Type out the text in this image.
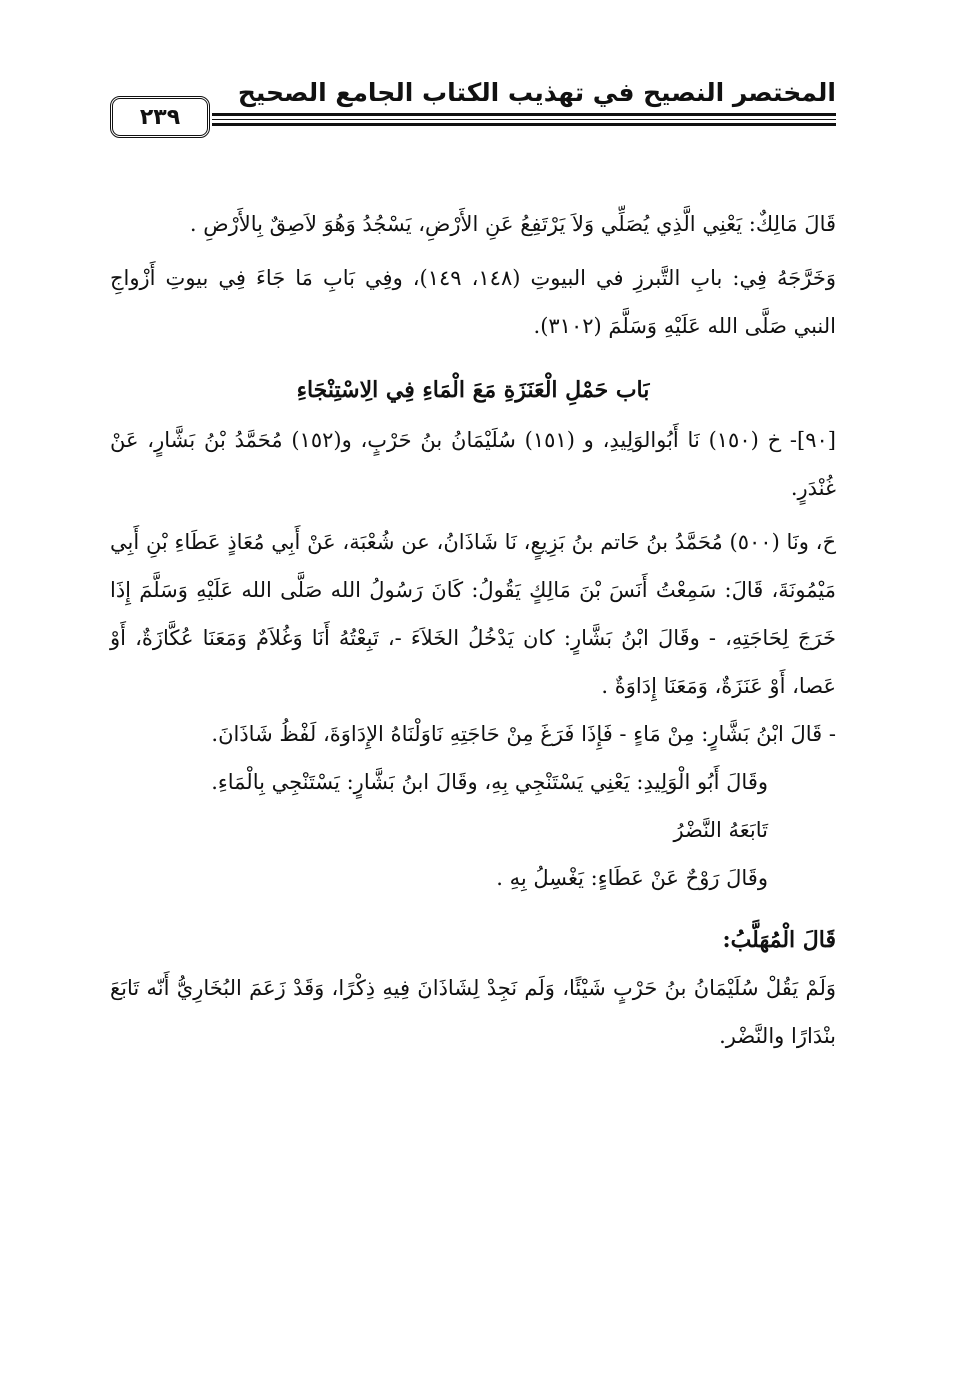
المختصر النصيح في تهذيب الكتاب الجامع الصحيح
٢٣٩

قَالَ مَالِكٌ: يَعْنِي الَّذِي يُصَلِّي وَلاَ يَرْتَفِعُ عَنِ الأَرْضِ، يَسْجُدُ وَهُوَ لاَصِقٌ بِالأَرْضِ .

وَخَرَّجَهُ فِي: بابِ التَّبرزِ في البيوتِ (١٤٨، ١٤٩)، وفِي بَابِ مَا جَاءَ فِي بيوتِ أَزْواجِ النبي صَلَّى الله عَلَيْهِ وَسَلَّمَ (٣١٠٢).

بَاب حَمْلِ الْعَنَزَةِ مَعَ الْمَاءِ فِي الِاسْتِنْجَاءِ

[٩٠]- خ (١٥٠) نَا أَبُوالوَلِيدِ، و (١٥١) سُلَيْمَانُ بنُ حَرْبٍ، و(١٥٢) مُحَمَّدُ بْنُ بَشَّارٍ، عَنْ غُنْدَرٍ.

حَ، ونَا (٥٠٠) مُحَمَّدُ بنُ حَاتم بنُ بَزِيعٍ، نَا شَاذَانُ، عن شُعْبَة، عَنْ أَبِي مُعَاذٍ عَطَاءِ بْنِ أَبِي مَيْمُونَةَ، قَالَ: سَمِعْتُ أَنَسَ بْنَ مَالِكٍ يَقُولُ: كَانَ رَسُولُ الله صَلَّى الله عَلَيْهِ وَسَلَّمَ إِذَا خَرَجَ لِحَاجَتِهِ، - وقَالَ ابْنُ بَشَّارٍ: كان يَدْخُلُ الخَلاَءَ -، تَبِعْتُهُ أَنَا وَغُلاَمٌ وَمَعَنَا عُكَّازَةٌ، أَوْ عَصا، أَوْ عَنَزَةٌ، وَمَعَنَا إِدَاوَةٌ .

- قَالَ ابْنُ بَشَّارٍ: مِنْ مَاءٍ - فَإِذَا فَرَغَ مِنْ حَاجَتِهِ نَاوَلْنَاهُ الإِدَاوَةَ، لَفْظُ شَاذَانَ.

وقَالَ أَبُو الْوَلِيدِ: يَعْنِي يَسْتَنْجِي بِهِ، وقَالَ ابنُ بَشَّارٍ: يَسْتَنْجِي بِالْمَاءِ.

تَابَعَهُ النَّضْرُ

وقَالَ رَوْحٌ عَنْ عَطَاءٍ: يَغْسِلُ بِهِ .

قَالَ الْمُهَلَّبُ:

وَلَمْ يَقُلْ سُلَيْمَانُ بنُ حَرْبٍ شَيْئًا، وَلَم نَجِدْ لِشَاذَانَ فِيهِ ذِكْرًا، وَقَدْ زَعَمَ البُخَارِيُّ أَنّه تَابَعَ بنْدَارًا والنَّضْر.
